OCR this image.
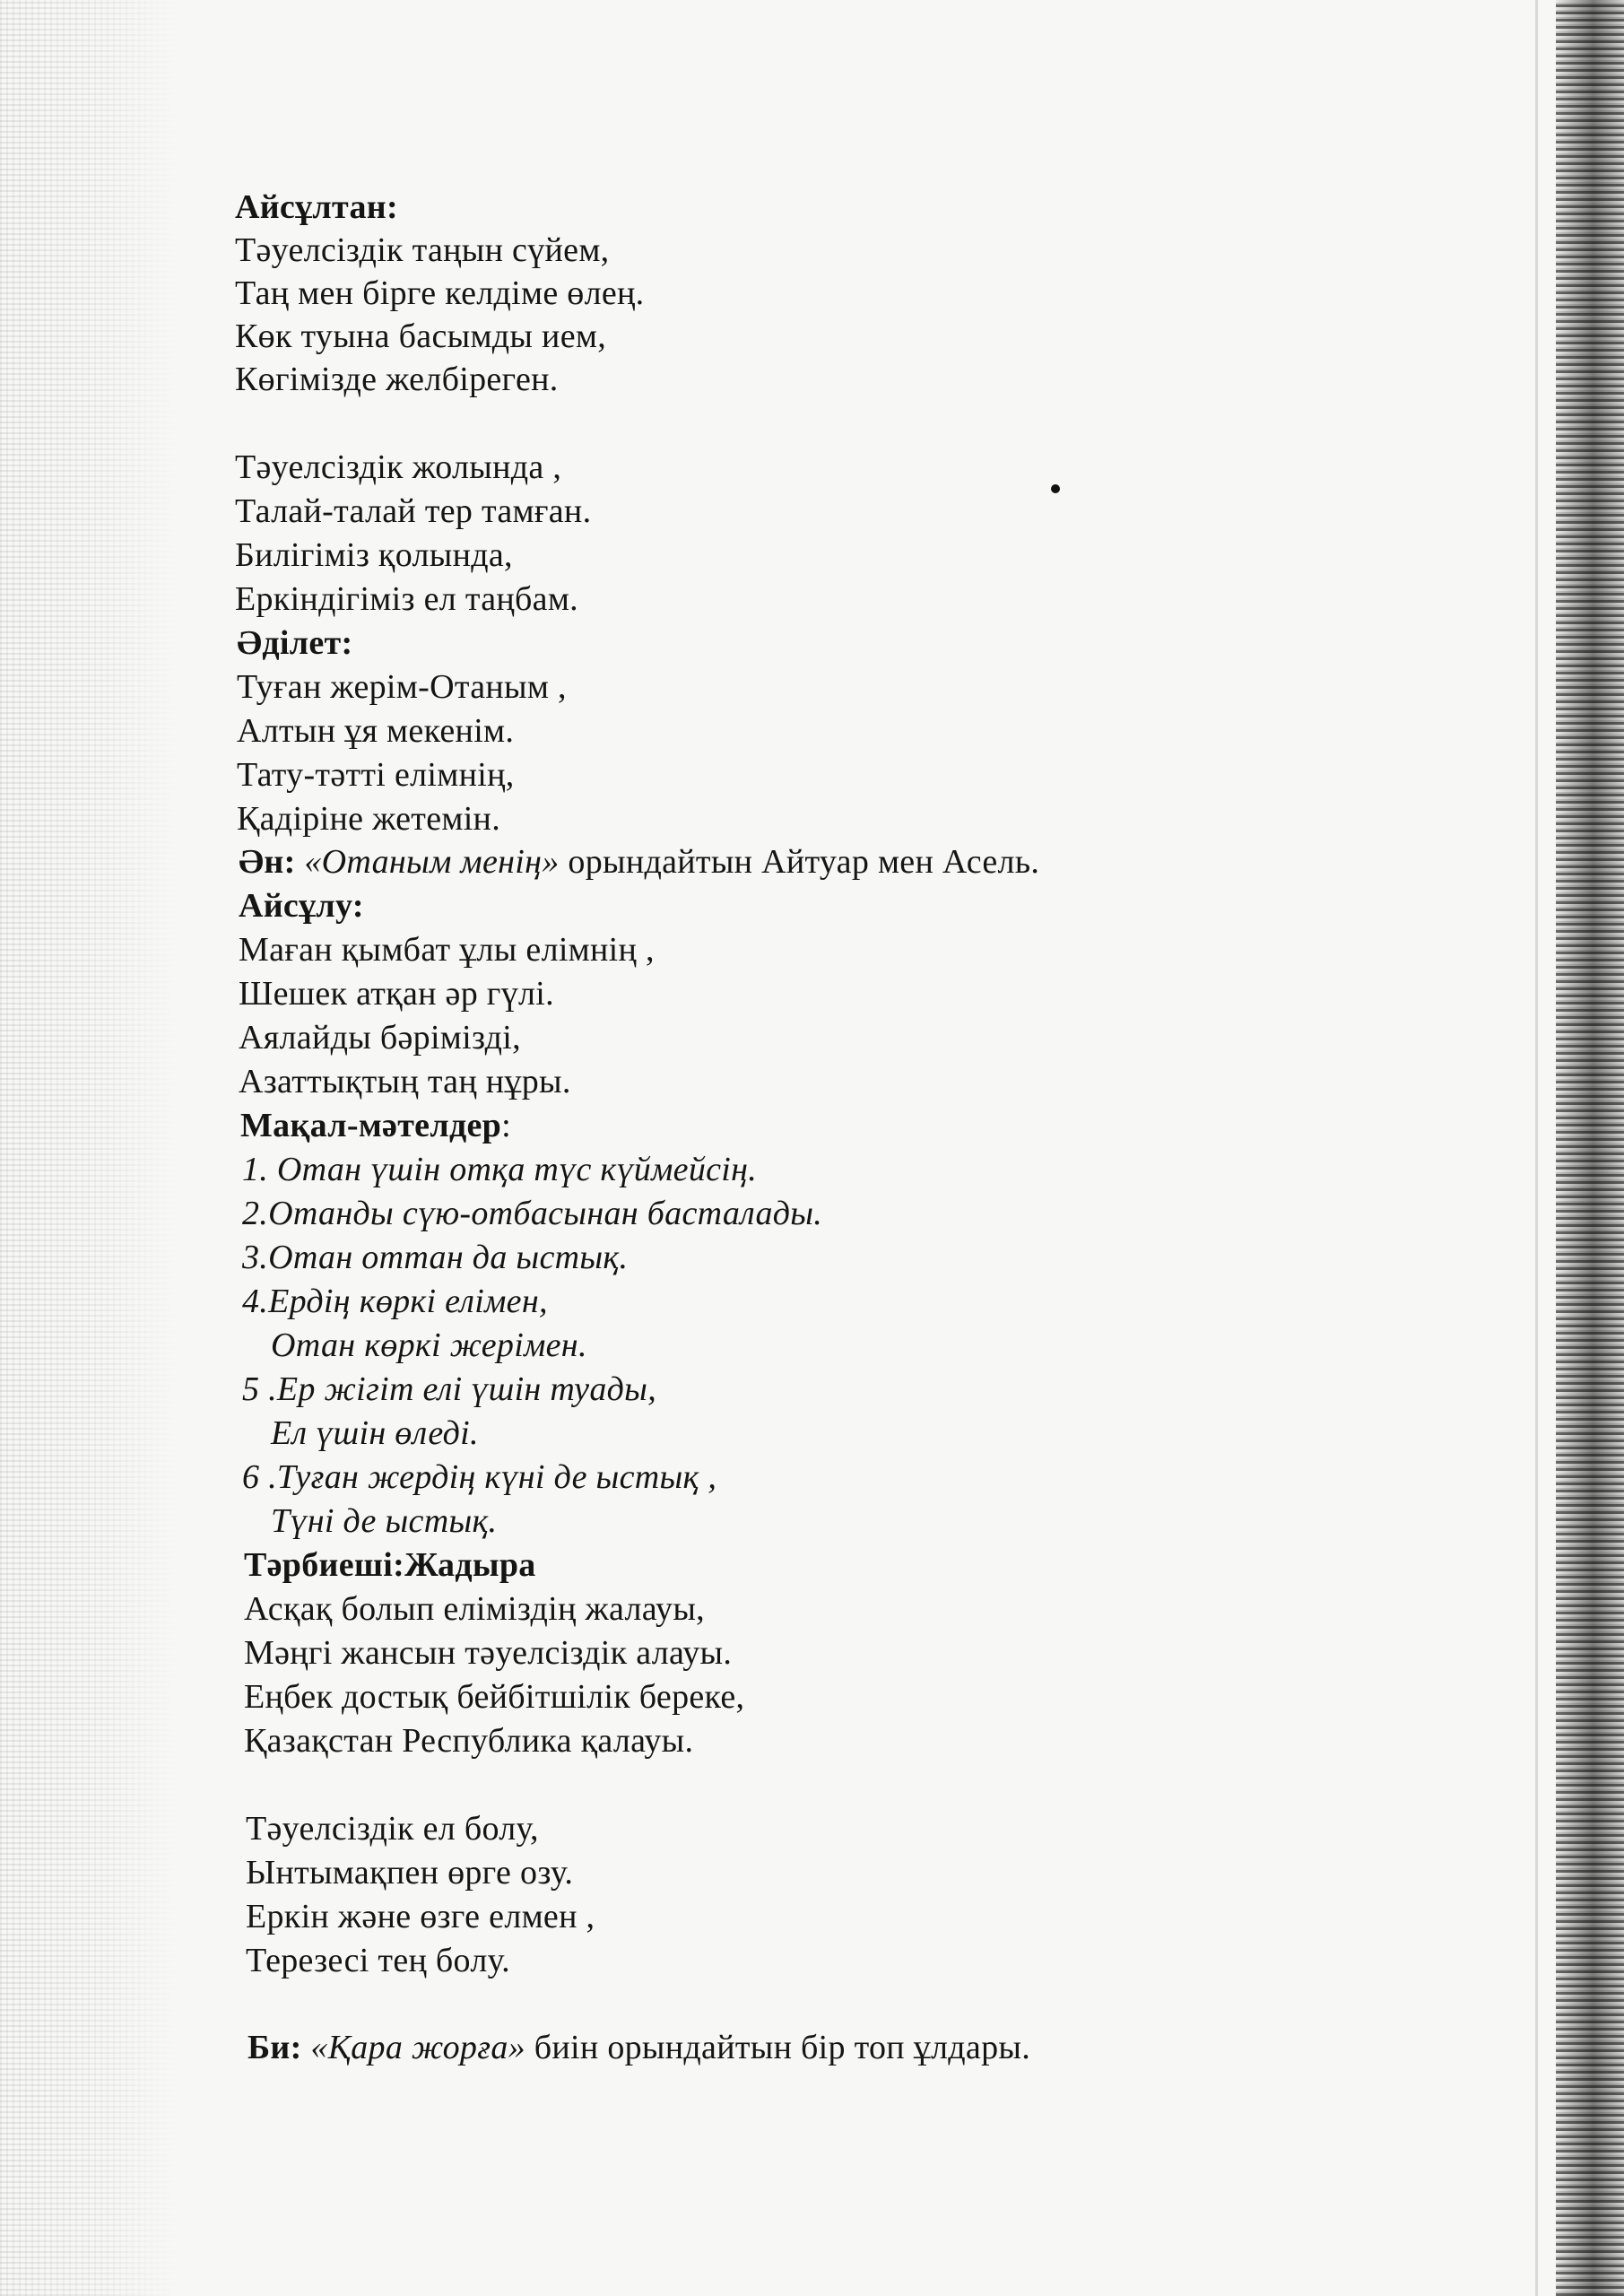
Айсұлтан:
Тәуелсіздік таңын сүйем,
Таң мен бірге келдіме өлең.
Көк туына басымды ием,
Көгімізде желбіреген.
Тәуелсіздік жолында ,
Талай-талай тер тамған.
Билігіміз қолында,
Еркіндігіміз ел таңбам.
Әділет:
Туған жерім-Отаным ,
Алтын ұя мекенім.
Тату-тәтті елімнің,
Қадіріне жетемін.
Ән: «Отаным менің» орындайтын Айтуар мен Асель.
Айсұлу:
Маған қымбат ұлы елімнің ,
Шешек атқан әр гүлі.
Аялайды бәрімізді,
Азаттықтың таң нұры.
Мақал-мәтелдер:
1. Отан үшін отқа түс күймейсің.
2.Отанды сүю-отбасынан басталады.
3.Отан оттан да ыстық.
4.Ердің көркі елімен,
Отан көркі жерімен.
5 .Ер жігіт елі үшін туады,
Ел үшін өледі.
6 .Туған жердің күні де ыстық ,
Түні де ыстық.
Тәрбиеші:Жадыра
Асқақ болып еліміздің жалауы,
Мәңгі жансын тәуелсіздік алауы.
Еңбек достық бейбітшілік береке,
Қазақстан Республика қалауы.
Тәуелсіздік ел болу,
Ынтымақпен өрге озу.
Еркін және өзге елмен ,
Терезесі тең болу.
Би: «Қара жорға» биін орындайтын бір топ ұлдары.
